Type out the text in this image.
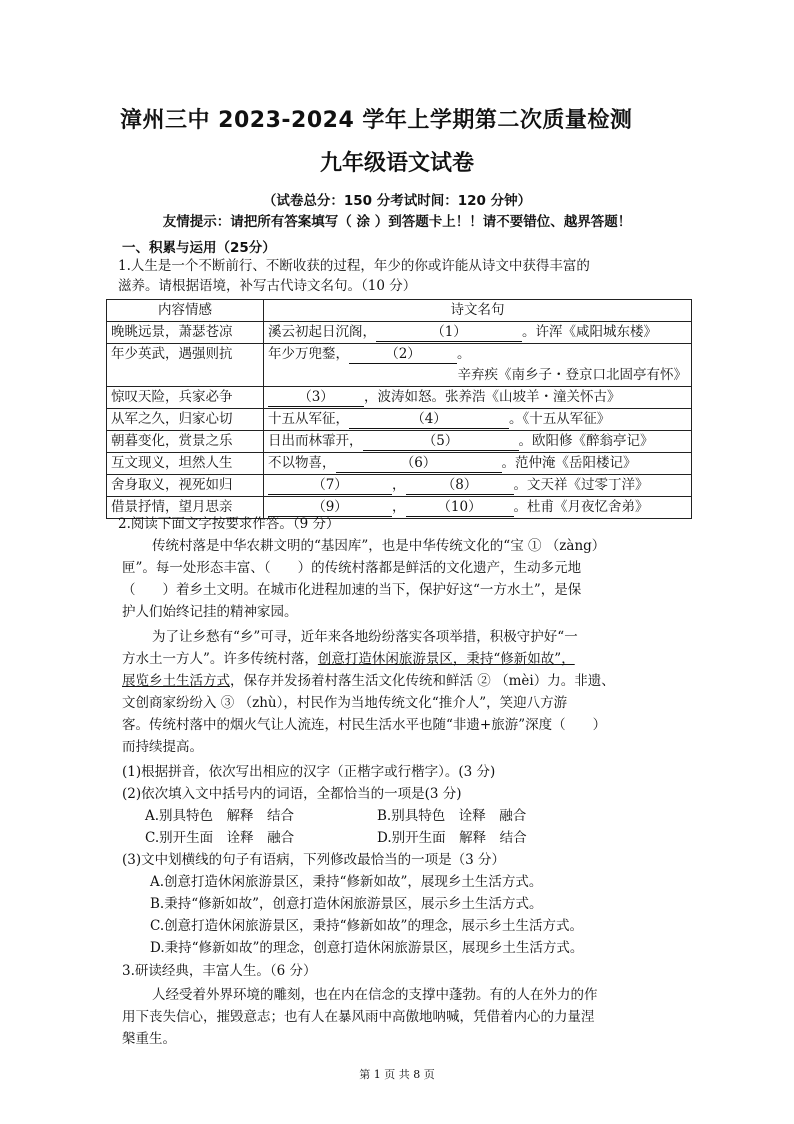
漳州三中 2023-2024 学年上学期第二次质量检测
九年级语文试卷
（试卷总分：150 分考试时间：120 分钟）
友情提示：请把所有答案填写（ 涂 ）到答题卡上！！请不要错位、越界答题！
一、积累与运用（25分）
1.人生是一个不断前行、不断收获的过程，年少的你或许能从诗文中获得丰富的
滋养。请根据语境，补写古代诗文名句。（10 分）
内容情感	诗文名句
晚眺远景，萧瑟苍凉	溪云初起日沉阁， （1） 。许浑《咸阳城东楼》
年少英武，遇强则抗	年少万兜鍪， （2） 。
辛弃疾《南乡子・登京口北固亭有怀》

惊叹天险，兵家必争	（3） ，波涛如怒。张养浩《山坡羊・潼关怀古》
从军之久，归家心切	十五从军征， （4） 。《十五从军征》
朝暮变化，赏景之乐	日出而林霏开， （5） 。欧阳修《醉翁亭记》
互文现义，坦然人生	不以物喜， （6） 。范仲淹《岳阳楼记》
舍身取义，视死如归	（7） ， （8） 。文天祥《过零丁洋》
借景抒情，望月思亲	（9） ， （10） 。杜甫《月夜忆舍弟》
2.阅读下面文字按要求作答。（9 分）
传统村落是中华农耕文明的“基因库”，也是中华传统文化的“宝 ① （zàng）
匣”。每一处形态丰富、（　　）的传统村落都是鲜活的文化遗产，生动多元地
（　　）着乡土文明。在城市化进程加速的当下，保护好这“一方水土”，是保
护人们始终记挂的精神家园。
为了让乡愁有“乡”可寻，近年来各地纷纷落实各项举措，积极守护好“一
方水土一方人”。许多传统村落，创意打造休闲旅游景区，秉持“修新如故”，
展览乡土生活方式，保存并发扬着村落生活文化传统和鲜活 ② （mèi）力。非遗、
文创商家纷纷入 ③ （zhù），村民作为当地传统文化“推介人”，笑迎八方游
客。传统村落中的烟火气让人流连，村民生活水平也随“非遗+旅游”深度（　　）
而持续提高。
(1)根据拼音，依次写出相应的汉字（正楷字或行楷字）。(3 分)
(2)依次填入文中括号内的词语，全都恰当的一项是(3 分)
A.别具特色　解释　结合	B.别具特色　诠释　融合
C.别开生面　诠释　融合	D.别开生面　解释　结合
(3)文中划横线的句子有语病，下列修改最恰当的一项是（3 分）
A.创意打造休闲旅游景区，秉持“修新如故”，展现乡土生活方式。
B.秉持“修新如故”，创意打造休闲旅游景区，展示乡土生活方式。
C.创意打造休闲旅游景区，秉持“修新如故”的理念，展示乡土生活方式。
D.秉持“修新如故”的理念，创意打造休闲旅游景区，展现乡土生活方式。
3.研读经典，丰富人生。（6 分）
人经受着外界环境的雕刻，也在内在信念的支撑中蓬勃。有的人在外力的作
用下丧失信心，摧毁意志；也有人在暴风雨中高傲地呐喊，凭借着内心的力量涅
槃重生。
第 1 页 共 8 页
